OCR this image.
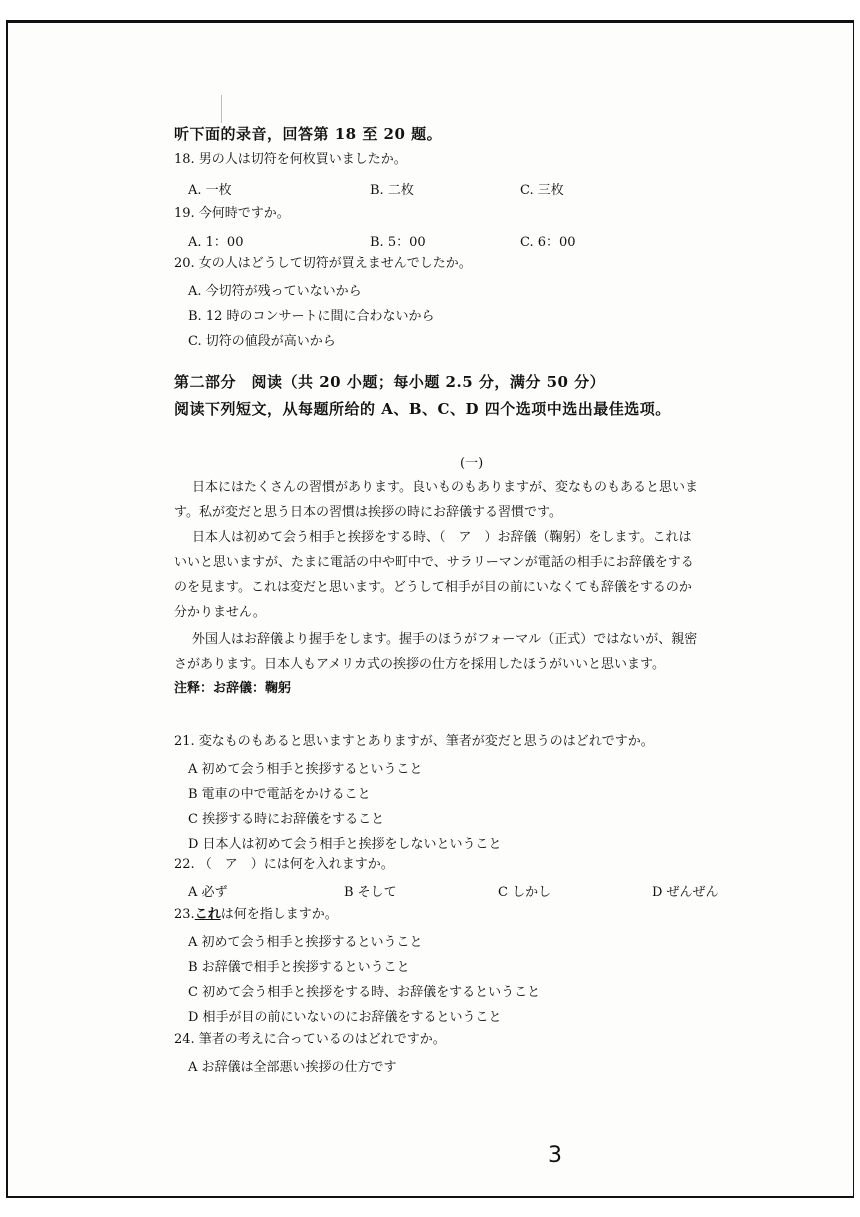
听下面的录音，回答第 18 至 20 题。
18. 男の人は切符を何枚買いましたか。
A. 一枚	B. 二枚	C. 三枚
19. 今何時ですか。
A. 1：00	B. 5：00	C. 6：00
20. 女の人はどうして切符が買えませんでしたか。
A. 今切符が残っていないから
B. 12 時のコンサートに間に合わないから
C. 切符の値段が高いから
第二部分　阅读（共 20 小题；每小题 2.5 分，满分 50 分）
阅读下列短文，从每题所给的 A、B、C、D 四个选项中选出最佳选项。
(一)
日本にはたくさんの習慣があります。良いものもありますが、変なものもあると思いま
す。私が変だと思う日本の習慣は挨拶の時にお辞儀する習慣です。
日本人は初めて会う相手と挨拶をする時、（　ア　）お辞儀（鞠躬）をします。これは
いいと思いますが、たまに電話の中や町中で、サラリーマンが電話の相手にお辞儀をする
のを見ます。これは変だと思います。どうして相手が目の前にいなくても辞儀をするのか
分かりません。
外国人はお辞儀より握手をします。握手のほうがフォーマル（正式）ではないが、親密
さがあります。日本人もアメリカ式の挨拶の仕方を採用したほうがいいと思います。
注释：お辞儀：鞠躬
21. 変なものもあると思いますとありますが、筆者が変だと思うのはどれですか。
A 初めて会う相手と挨拶するということ
B 電車の中で電話をかけること
C 挨拶する時にお辞儀をすること
D 日本人は初めて会う相手と挨拶をしないということ
22. （　ア　）には何を入れますか。
A 必ず	B そして	C しかし	D ぜんぜん
23.これは何を指しますか。
A 初めて会う相手と挨拶するということ
B お辞儀で相手と挨拶するということ
C 初めて会う相手と挨拶をする時、お辞儀をするということ
D 相手が目の前にいないのにお辞儀をするということ
24. 筆者の考えに合っているのはどれですか。
A お辞儀は全部悪い挨拶の仕方です
3
